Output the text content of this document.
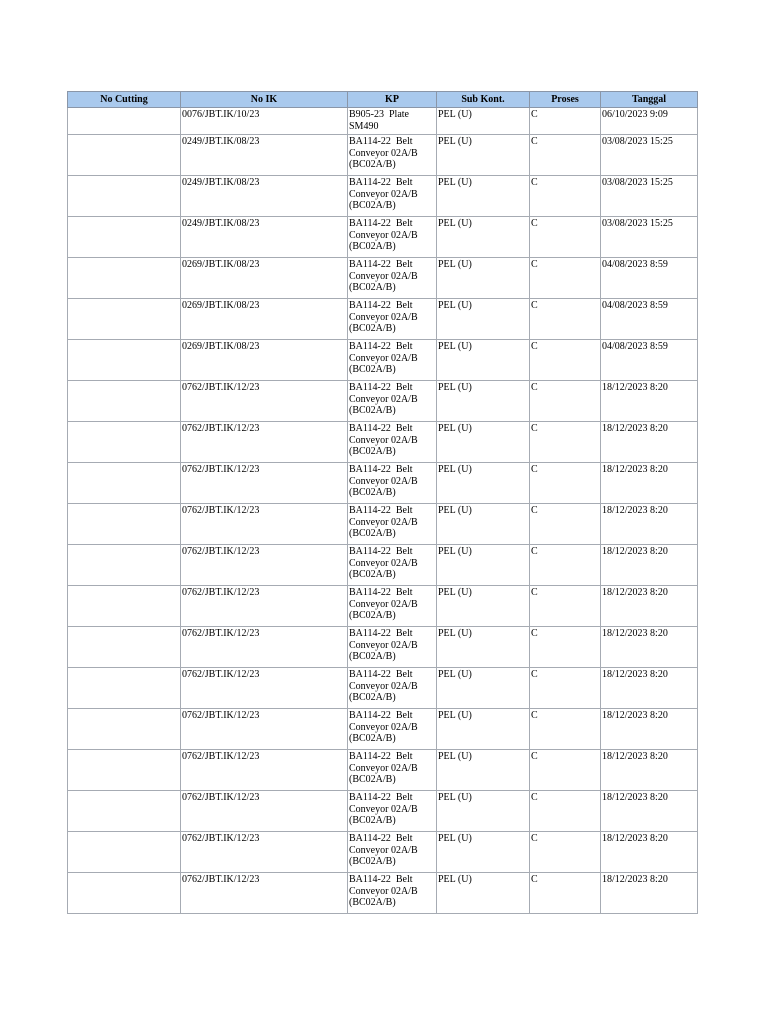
No Cutting	No IK	KP	Sub Kont.	Proses	Tanggal
	0076/JBT.IK/10/23	B905-23  Plate
SM490	PEL (U)	C	06/10/2023 9:09
	0249/JBT.IK/08/23	BA114-22  Belt
Conveyor 02A/B
(BC02A/B)	PEL (U)	C	03/08/2023 15:25
	0249/JBT.IK/08/23	BA114-22  Belt
Conveyor 02A/B
(BC02A/B)	PEL (U)	C	03/08/2023 15:25
	0249/JBT.IK/08/23	BA114-22  Belt
Conveyor 02A/B
(BC02A/B)	PEL (U)	C	03/08/2023 15:25
	0269/JBT.IK/08/23	BA114-22  Belt
Conveyor 02A/B
(BC02A/B)	PEL (U)	C	04/08/2023 8:59
	0269/JBT.IK/08/23	BA114-22  Belt
Conveyor 02A/B
(BC02A/B)	PEL (U)	C	04/08/2023 8:59
	0269/JBT.IK/08/23	BA114-22  Belt
Conveyor 02A/B
(BC02A/B)	PEL (U)	C	04/08/2023 8:59
	0762/JBT.IK/12/23	BA114-22  Belt
Conveyor 02A/B
(BC02A/B)	PEL (U)	C	18/12/2023 8:20
	0762/JBT.IK/12/23	BA114-22  Belt
Conveyor 02A/B
(BC02A/B)	PEL (U)	C	18/12/2023 8:20
	0762/JBT.IK/12/23	BA114-22  Belt
Conveyor 02A/B
(BC02A/B)	PEL (U)	C	18/12/2023 8:20
	0762/JBT.IK/12/23	BA114-22  Belt
Conveyor 02A/B
(BC02A/B)	PEL (U)	C	18/12/2023 8:20
	0762/JBT.IK/12/23	BA114-22  Belt
Conveyor 02A/B
(BC02A/B)	PEL (U)	C	18/12/2023 8:20
	0762/JBT.IK/12/23	BA114-22  Belt
Conveyor 02A/B
(BC02A/B)	PEL (U)	C	18/12/2023 8:20
	0762/JBT.IK/12/23	BA114-22  Belt
Conveyor 02A/B
(BC02A/B)	PEL (U)	C	18/12/2023 8:20
	0762/JBT.IK/12/23	BA114-22  Belt
Conveyor 02A/B
(BC02A/B)	PEL (U)	C	18/12/2023 8:20
	0762/JBT.IK/12/23	BA114-22  Belt
Conveyor 02A/B
(BC02A/B)	PEL (U)	C	18/12/2023 8:20
	0762/JBT.IK/12/23	BA114-22  Belt
Conveyor 02A/B
(BC02A/B)	PEL (U)	C	18/12/2023 8:20
	0762/JBT.IK/12/23	BA114-22  Belt
Conveyor 02A/B
(BC02A/B)	PEL (U)	C	18/12/2023 8:20
	0762/JBT.IK/12/23	BA114-22  Belt
Conveyor 02A/B
(BC02A/B)	PEL (U)	C	18/12/2023 8:20
	0762/JBT.IK/12/23	BA114-22  Belt
Conveyor 02A/B
(BC02A/B)	PEL (U)	C	18/12/2023 8:20
